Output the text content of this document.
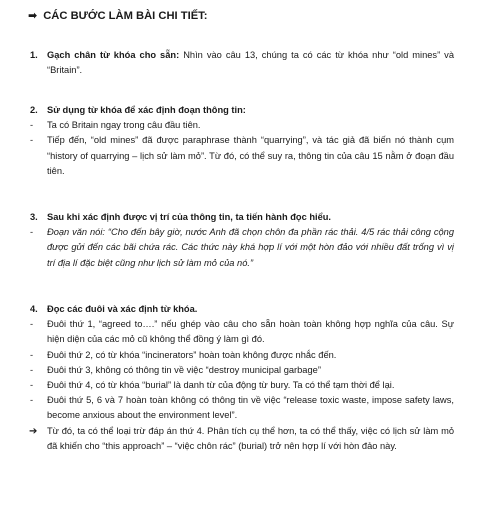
➡ CÁC BƯỚC LÀM BÀI CHI TIẾT:
1. Gạch chân từ khóa cho sẵn: Nhìn vào câu 13, chúng ta có các từ khóa như “old mines” và “Britain”.
2. Sử dụng từ khóa để xác định đoạn thông tin:
- Ta có Britain ngay trong câu đầu tiên.
- Tiếp đến, “old mines” đã được paraphrase thành “quarrying”, và tác giả đã biến nó thành cụm “history of quarrying – lịch sử làm mỏ”. Từ đó, có thể suy ra, thông tin của câu 15 nằm ở đoạn đầu tiên.
3. Sau khi xác định được vị trí của thông tin, ta tiến hành đọc hiểu.
- Đoạn văn nói: “Cho đến bây giờ, nước Anh đã chọn chôn đa phần rác thải. 4/5 rác thải công cộng được gửi đến các bãi chứa rác. Các thức này khá hợp lí với một hòn đảo với nhiều đất trống vì vị trí địa lí đặc biệt cũng như lịch sử làm mỏ của nó.”
4. Đọc các đuôi và xác định từ khóa.
- Đuôi thứ 1, “agreed to….” nếu ghép vào câu cho sẵn hoàn toàn không hợp nghĩa của câu. Sự hiện diện của các mỏ cũ không thể đồng ý làm gì đó.
- Đuôi thứ 2, có từ khóa “incinerators” hoàn toàn không được nhắc đến.
- Đuôi thứ 3, không có thông tin về việc “destroy municipal garbage”
- Đuôi thứ 4, có từ khóa “burial” là danh từ của động từ bury. Ta có thể tạm thời để lại.
- Đuôi thứ 5, 6 và 7 hoàn toàn không có thông tin về việc “release toxic waste, impose safety laws, become anxious about the environment level”.
➔ Từ đó, ta có thể loại trừ đáp án thứ 4. Phân tích cụ thể hơn, ta có thể thấy, việc có lịch sử làm mỏ đã khiến cho “this approach” – “việc chôn rác” (burial) trở nên hợp lí với hòn đảo này.
